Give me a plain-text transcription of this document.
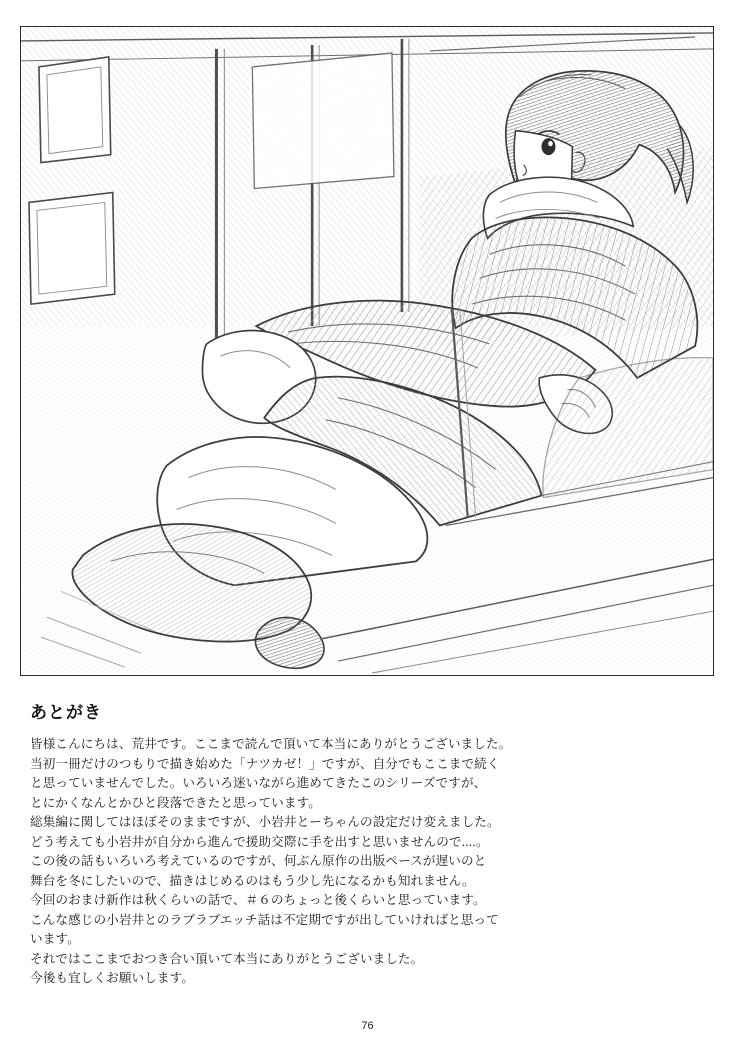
あとがき

皆様こんにちは、荒井です。ここまで読んで頂いて本当にありがとうございました。

当初一冊だけのつもりで描き始めた「ナツカゼ！」ですが、自分でもここまで続く

と思っていませんでした。いろいろ迷いながら進めてきたこのシリーズですが、

とにかくなんとかひと段落できたと思っています。

総集編に関してはほぼそのままですが、小岩井とーちゃんの設定だけ変えました。

どう考えても小岩井が自分から進んで援助交際に手を出すと思いませんので....。

この後の話もいろいろ考えているのですが、何ぶん原作の出版ペースが遅いのと

舞台を冬にしたいので、描きはじめるのはもう少し先になるかも知れません。

今回のおまけ新作は秋くらいの話で、＃６のちょっと後くらいと思っています。

こんな感じの小岩井とのラブラブエッチ話は不定期ですが出していければと思って

います。

それではここまでおつき合い頂いて本当にありがとうございました。

今後も宜しくお願いします。

76
